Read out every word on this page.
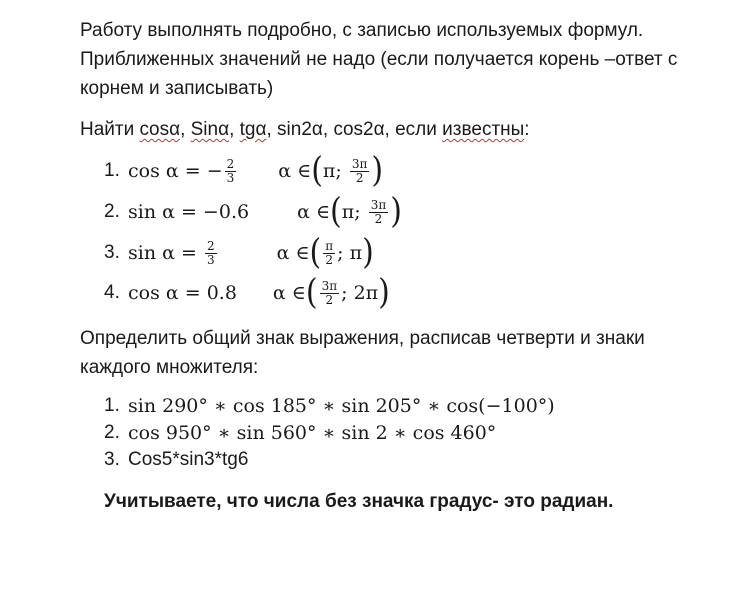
Работу выполнять подробно, с записью используемых формул.
Приближенных значений не надо (если получается корень –ответ с
корнем и записывать)

Найти cosα, Sinα, tgα, sin2α, cos2α, если известны:

1. cos α = − $\frac{2}{3}$ α ∈ ( π ; $\frac{3\pi}{2}$ )
2. sin α = −0.6	α ∈ ( π ; $\frac{3\pi}{2}$ )
3. $\sin \alpha = \frac{2}{3}$	α ∈ ( $\frac{\pi}{2}$ ; π )
4. cos α = 0.8 α ∈ ( $\frac{3\pi}{2}$ ; 2π )

Определить общий знак выражения, расписав четверти и знаки
каждого множителя:

1. sin 290° ∗ cos 185° ∗ sin 205° ∗ cos(−100°)
2. cos 950° ∗ sin 560° ∗ sin 2 ∗ cos 460°
3. Cos5*sin3*tg6
Учитываете, что числа без значка градус- это радиан.
